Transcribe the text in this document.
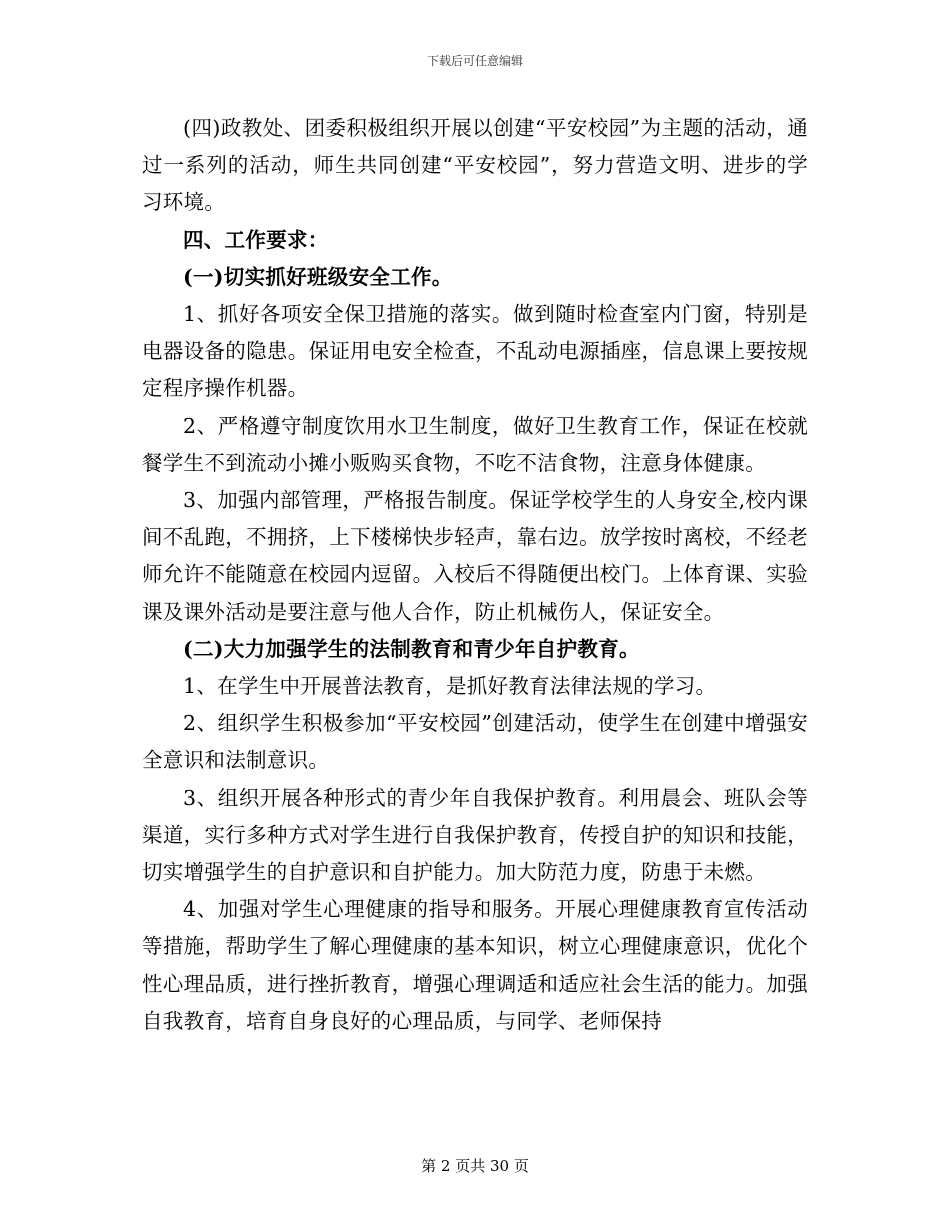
下载后可任意编辑

(四)政教处、团委积极组织开展以创建“平安校园”为主题的活动，通过一系列的活动，师生共同创建“平安校园”，努力营造文明、进步的学习环境。

四、工作要求：

(一)切实抓好班级安全工作。

1、抓好各项安全保卫措施的落实。做到随时检查室内门窗，特别是电器设备的隐患。保证用电安全检查，不乱动电源插座，信息课上要按规定程序操作机器。

2、严格遵守制度饮用水卫生制度，做好卫生教育工作，保证在校就餐学生不到流动小摊小贩购买食物，不吃不洁食物，注意身体健康。

3、加强内部管理，严格报告制度。保证学校学生的人身安全,校内课间不乱跑，不拥挤，上下楼梯快步轻声，靠右边。放学按时离校，不经老师允许不能随意在校园内逗留。入校后不得随便出校门。上体育课、实验课及课外活动是要注意与他人合作，防止机械伤人，保证安全。

(二)大力加强学生的法制教育和青少年自护教育。

1、在学生中开展普法教育，是抓好教育法律法规的学习。

2、组织学生积极参加“平安校园”创建活动，使学生在创建中增强安全意识和法制意识。

3、组织开展各种形式的青少年自我保护教育。利用晨会、班队会等渠道，实行多种方式对学生进行自我保护教育，传授自护的知识和技能，切实增强学生的自护意识和自护能力。加大防范力度，防患于未燃。

4、加强对学生心理健康的指导和服务。开展心理健康教育宣传活动等措施，帮助学生了解心理健康的基本知识，树立心理健康意识，优化个性心理品质，进行挫折教育，增强心理调适和适应社会生活的能力。加强自我教育，培育自身良好的心理品质，与同学、老师保持

第 2 页共 30 页
